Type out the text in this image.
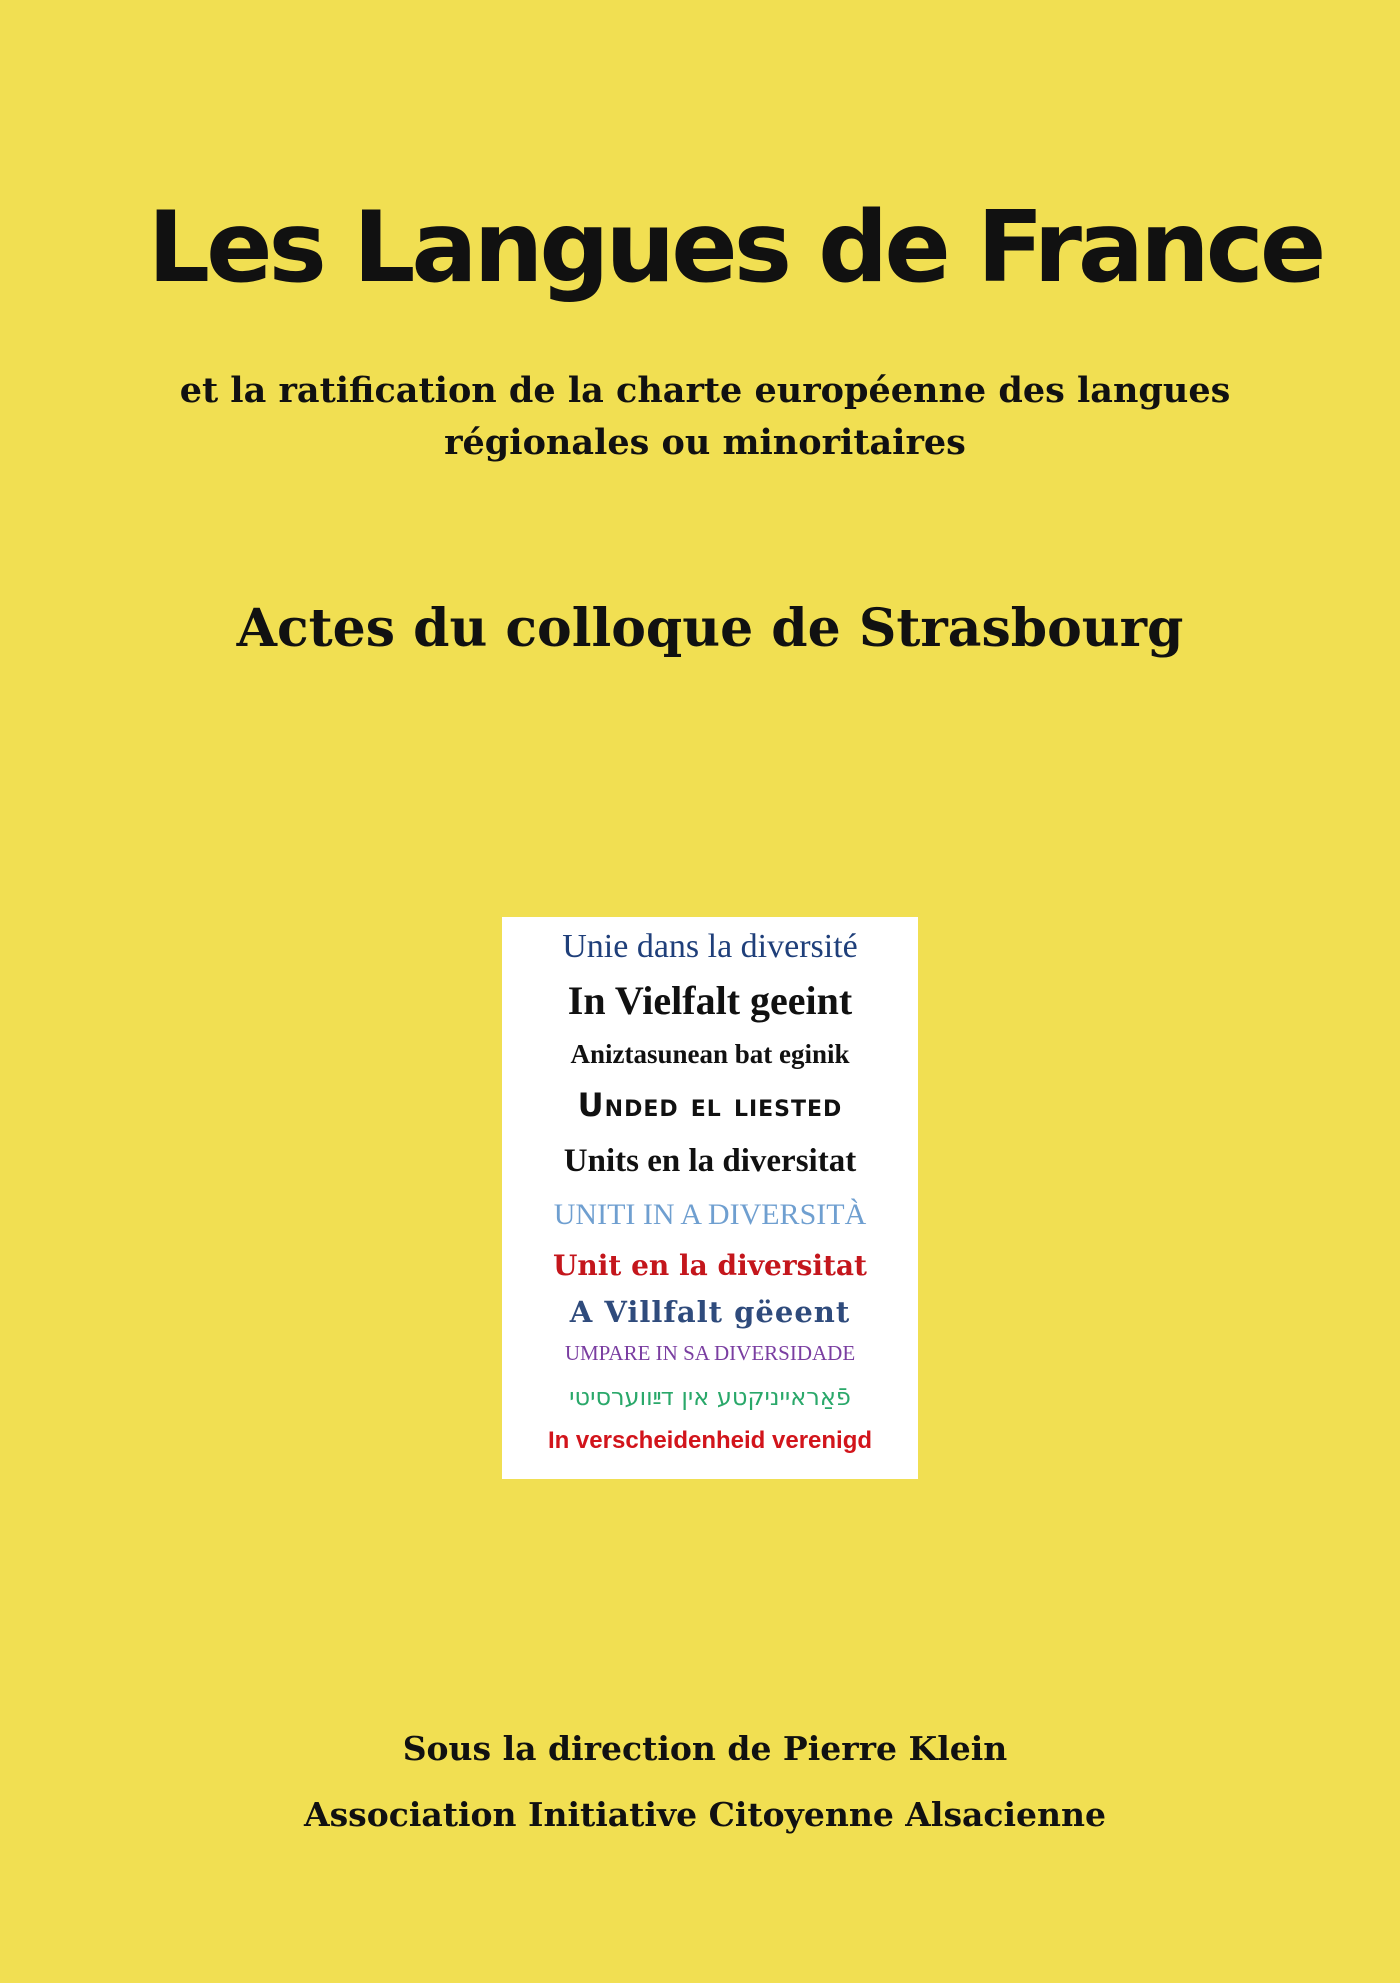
Les Langues de France

et la ratification de la charte européenne des langues
régionales ou minoritaires

Actes du colloque de Strasbourg

Unie dans la diversité

In Vielfalt geeint

Aniztasunean bat eginik

Unded el liested

Units en la diversitat

UNITI IN A DIVERSITÀ

Unit en la diversitat

A Villfalt gëeent

UMPARE IN SA DIVERSIDADE

פֿאַראייניקטע אין דײַווערסיטי

In verscheidenheid verenigd

Sous la direction de Pierre Klein

Association Initiative Citoyenne Alsacienne
